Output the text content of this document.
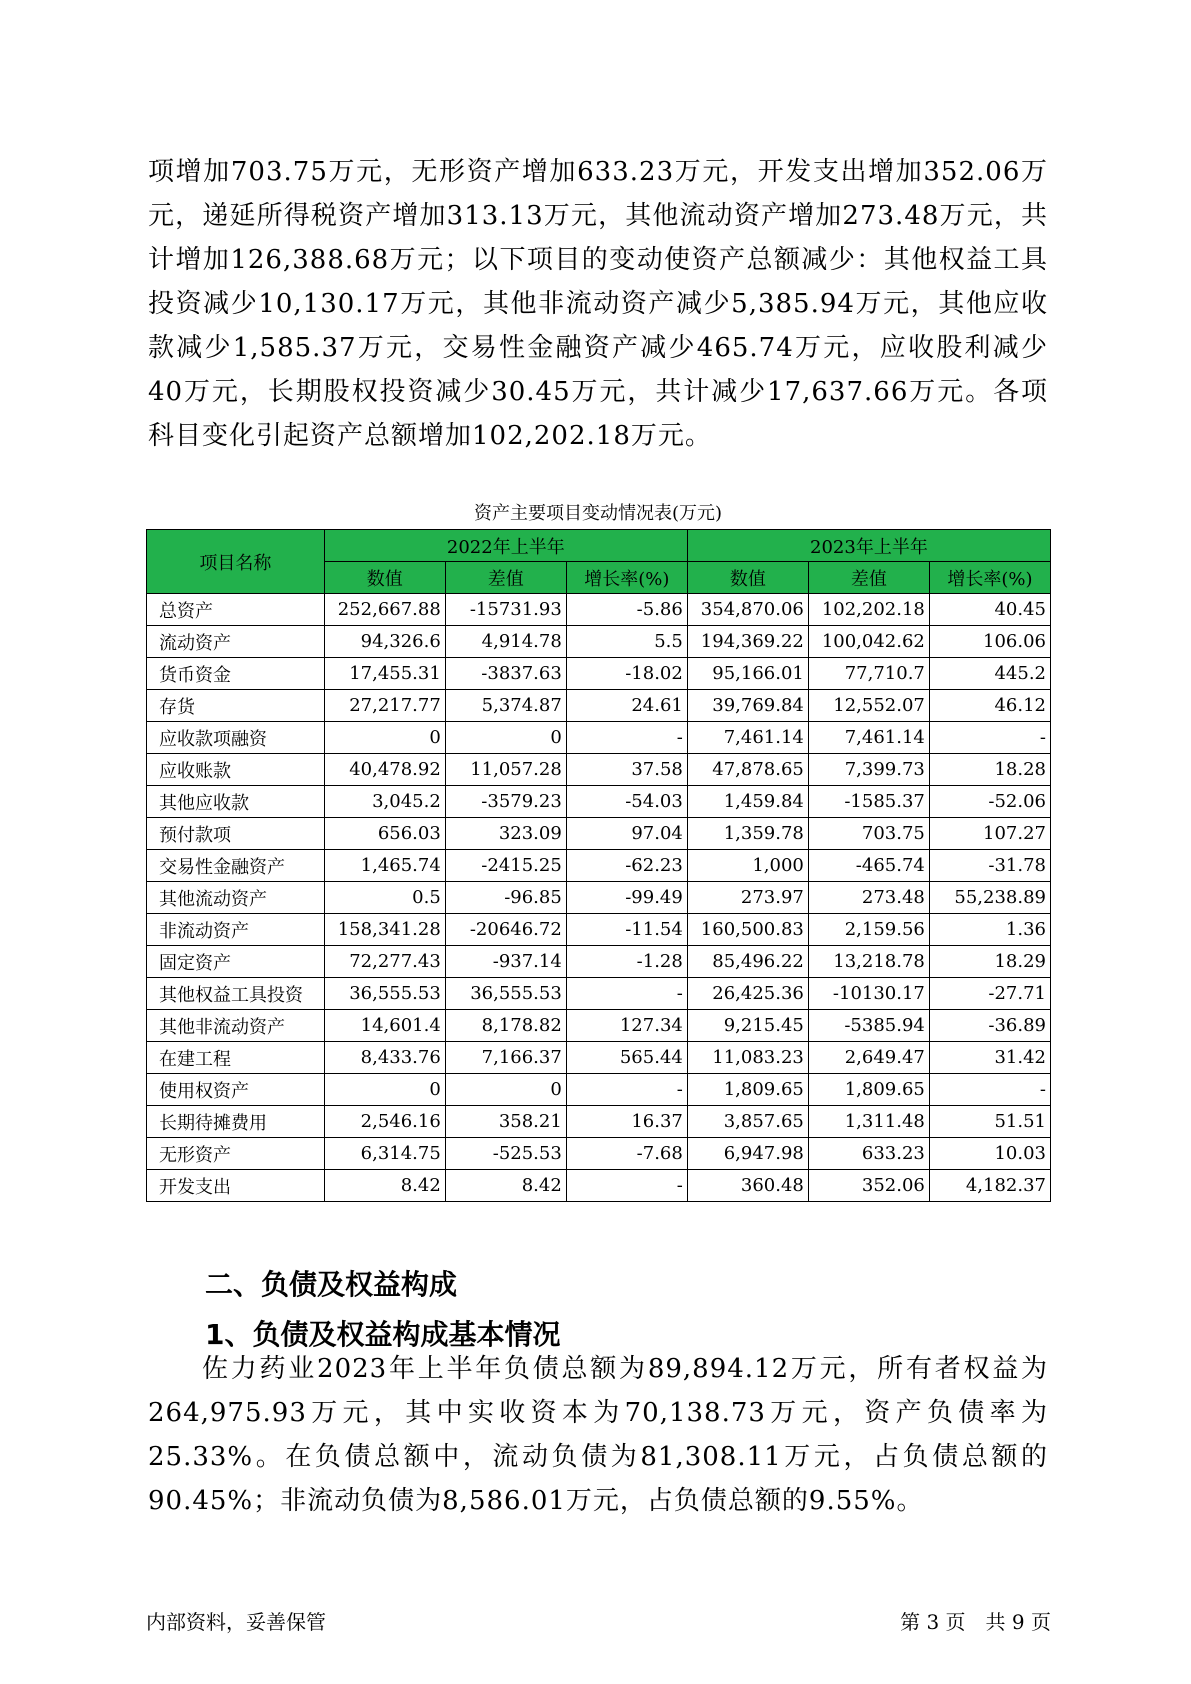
项增加703.75万元，无形资产增加633.23万元，开发支出增加352.06万元，递延所得税资产增加313.13万元，其他流动资产增加273.48万元，共计增加126,388.68万元；以下项目的变动使资产总额减少：其他权益工具投资减少10,130.17万元，其他非流动资产减少5,385.94万元，其他应收款减少1,585.37万元，交易性金融资产减少465.74万元，应收股利减少40万元，长期股权投资减少30.45万元，共计减少17,637.66万元。各项科目变化引起资产总额增加102,202.18万元。
资产主要项目变动情况表(万元)
项目名称	2022年上半年			2023年上半年		
	数值	差值	增长率(%)	数值	差值	增长率(%)
总资产	252,667.88	-15731.93	-5.86	354,870.06	102,202.18	40.45
流动资产	94,326.6	4,914.78	5.5	194,369.22	100,042.62	106.06
货币资金	17,455.31	-3837.63	-18.02	95,166.01	77,710.7	445.2
存货	27,217.77	5,374.87	24.61	39,769.84	12,552.07	46.12
应收款项融资	0	0	-	7,461.14	7,461.14	-
应收账款	40,478.92	11,057.28	37.58	47,878.65	7,399.73	18.28
其他应收款	3,045.2	-3579.23	-54.03	1,459.84	-1585.37	-52.06
预付款项	656.03	323.09	97.04	1,359.78	703.75	107.27
交易性金融资产	1,465.74	-2415.25	-62.23	1,000	-465.74	-31.78
其他流动资产	0.5	-96.85	-99.49	273.97	273.48	55,238.89
非流动资产	158,341.28	-20646.72	-11.54	160,500.83	2,159.56	1.36
固定资产	72,277.43	-937.14	-1.28	85,496.22	13,218.78	18.29
其他权益工具投资	36,555.53	36,555.53	-	26,425.36	-10130.17	-27.71
其他非流动资产	14,601.4	8,178.82	127.34	9,215.45	-5385.94	-36.89
在建工程	8,433.76	7,166.37	565.44	11,083.23	2,649.47	31.42
使用权资产	0	0	-	1,809.65	1,809.65	-
长期待摊费用	2,546.16	358.21	16.37	3,857.65	1,311.48	51.51
无形资产	6,314.75	-525.53	-7.68	6,947.98	633.23	10.03
开发支出	8.42	8.42	-	360.48	352.06	4,182.37
二、负债及权益构成
1、负债及权益构成基本情况
佐力药业2023年上半年负债总额为89,894.12万元，所有者权益为264,975.93万元，其中实收资本为70,138.73万元，资产负债率为25.33%。在负债总额中，流动负债为81,308.11万元，占负债总额的90.45%；非流动负债为8,586.01万元，占负债总额的9.55%。
内部资料，妥善保管	第 3 页　共 9 页
